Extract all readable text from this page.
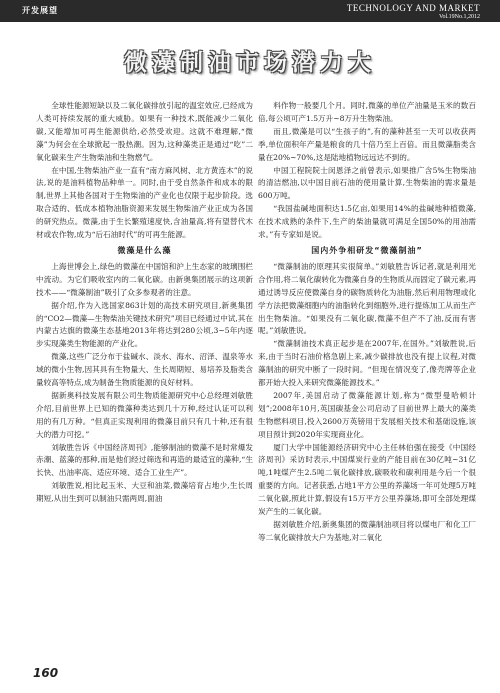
开发展望	TECHNOLOGY AND MARKET
Vol.19No.1,2012
微藻制油市场潜力大

全球性能源短缺以及二氧化碳排放引起的温室效应,已经成为人类可持续发展的重大威胁。如果有一种技术,既能减少二氧化碳,又能增加可再生能源供给,必然受欢迎。这就不难理解,“微藻”为何会在全球掀起一股热潮。因为,这种藻类正是通过“吃”二氧化碳来生产生物柴油和生物燃气。

在中国,生物柴油产业一直有“南方麻风树、北方黄连木”的说法,说的是油料植物品种单一。同时,由于受自然条件和成本的限制,世界上其他各国对于生物柴油的产业化也仅限于起步阶段。选取合适的、低成本植物油脂资源来发展生物柴油产业正成为各国的研究热点。微藻,由于生长繁殖速度快,含油量高,将有望替代木材或农作物,成为“后石油时代”的可再生能源。

微藻是什么藻

上海世博会上,绿色的微藻在中国馆和沪上生态家的玻璃围栏中流动。为它们吸收室内的二氧化碳。由新奥集团展示的这项新技术——“微藻制油”吸引了众多参观者的注意。

据介绍,作为入选国家863计划的高技术研究项目,新奥集团的“CO2—微藻—生物柴油关键技术研究”项目已经通过中试,其在内蒙古达旗的微藻生态基地2013年将达到280公顷,3~5年内逐步实现藻类生物能源的产业化。

微藻,这些广泛分布于盐碱水、淡水、海水、沼泽、温泉等水域的微小生物,因其具有生物量大、生长周期短、易培养及脂类含量较高等特点,成为制备生物质能源的良好材料。

据新奥科技发展有限公司生物质能源研究中心总经理刘敏胜介绍,目前世界上已知的微藻种类达到几十万种,经过认证可以利用的有几万种。“但真正实现利用的微藻目前只有几十种,还有很大的潜力可挖。”

刘敏胜告诉《中国经济周刊》,能够制油的微藻不是时常爆发赤潮、蓝藻的那种,而是他们经过筛选和再造的最适宜的藻种,“生长快、出油率高、适应环境、适合工业生产”。

刘敏胜说,相比起玉米、大豆和油菜,微藻培育占地少,生长周期短,从出生到可以制油只需两周,面油

料作物一般要几个月。同时,微藻的单位产油量是玉米的数百倍,每公顷可产1.5万升~8万升生物柴油。

而且,微藻是可以“生孩子的”,有的藻种甚至一天可以收获两季,单位面积年产量是粮食的几十倍乃至上百倍。而且微藻脂类含量在20%~70%,这是陆地植物远远达不到的。

中国工程院院士闵恩泽之前曾表示,如果推广含5%生物柴油的清洁燃油,以中国目前石油的使用量计算,生物柴油的需求量是600万吨。

“我国盐碱地面积达1.5亿亩,如果用14%的盐碱地种植微藻,在技术成熟的条件下,生产的柴油量就可满足全国50%的用油需求。”有专家如是说。

国内外争相研发“微藻制油”

“微藻制油的原理其实很简单。”刘敏胜告诉记者,就是利用光合作用,将二氧化碳转化为微藻自身的生物质从而固定了碳元素,再通过诱导反应使微藻自身的碳物质转化为油脂,然后利用物理或化学方法把微藻细胞内的油脂转化到细胞外,进行提炼加工从而生产出生物柴油。“如果没有二氧化碳,微藻不但产不了油,反而有害呢。”刘敏胜说。

“微藻制油技术真正起步是在2007年,在国外。”刘敏胜说,后来,由于当时石油价格急剧上来,减少碳排放也没有提上议程,对微藻制油的研究中断了一段时间。“但现在情况变了,像壳牌等企业都开始大投入来研究微藻能源技术。”

2007年,美国启动了微藻能源计划,称为“微型曼哈顿计划”;2008年10月,英国碳基金公司启动了目前世界上最大的藻类生物燃料项目,投入2600万英镑用于发展相关技术和基础设施,该项目预计到2020年实现商业化。

厦门大学中国能源经济研究中心主任林伯强在接受《中国经济周刊》采访时表示,中国煤炭行业的产能目前在30亿吨~31亿吨,1吨煤产生2.5吨二氧化碳排放,碳吸收和碳利用是今后一个很重要的方向。记者获悉,占地1平方公里的养藻场一年可处理5万吨二氧化碳,照此计算,假设有15万平方公里养藻场,即可全部处理煤炭产生的二氧化碳。

据刘敏胜介绍,新奥集团的微藻制油项目将以煤电厂和化工厂等二氧化碳排放大户为基地,对二氧化

160
